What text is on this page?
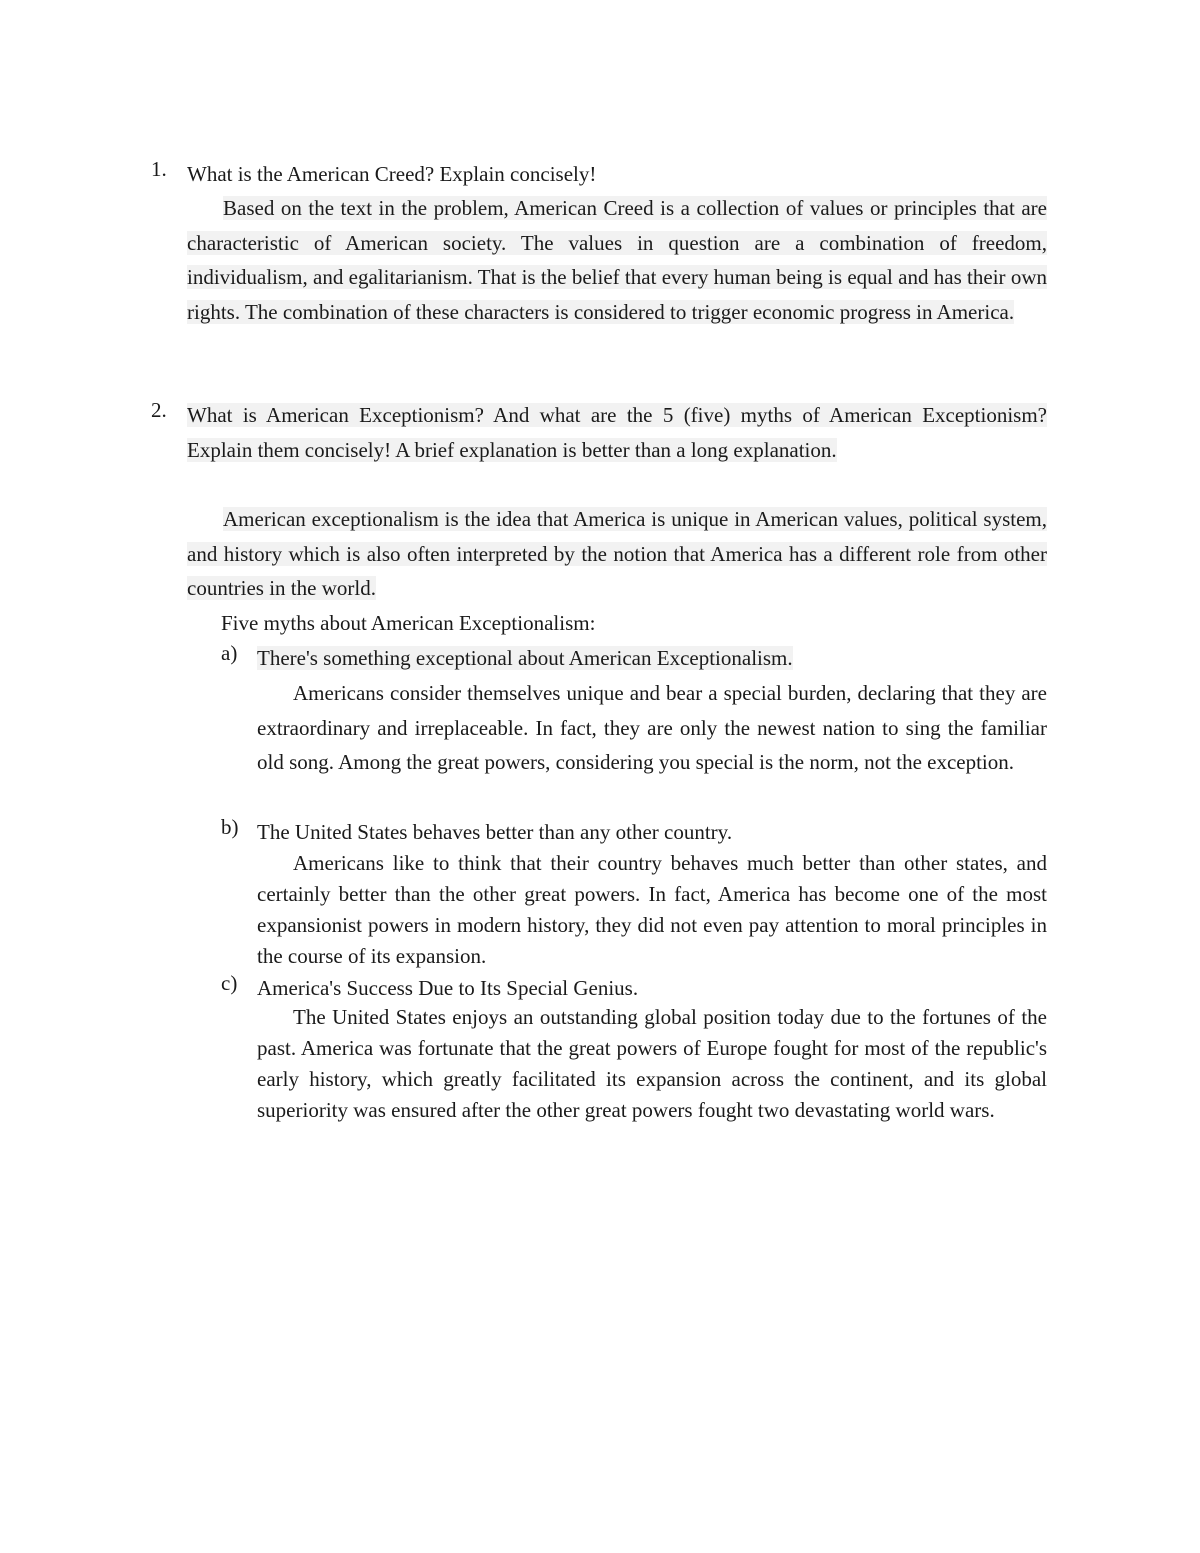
1. What is the American Creed? Explain concisely!

Based on the text in the problem, American Creed is a collection of values or principles that are characteristic of American society. The values in question are a combination of freedom, individualism, and egalitarianism. That is the belief that every human being is equal and has their own rights. The combination of these characters is considered to trigger economic progress in America.

2. What is American Exceptionism? And what are the 5 (five) myths of American Exceptionism? Explain them concisely! A brief explanation is better than a long explanation.

American exceptionalism is the idea that America is unique in American values, political system, and history which is also often interpreted by the notion that America has a different role from other countries in the world.

Five myths about American Exceptionalism:

a) There's something exceptional about American Exceptionalism.

Americans consider themselves unique and bear a special burden, declaring that they are extraordinary and irreplaceable. In fact, they are only the newest nation to sing the familiar old song. Among the great powers, considering you special is the norm, not the exception.

b) The United States behaves better than any other country.

Americans like to think that their country behaves much better than other states, and certainly better than the other great powers. In fact, America has become one of the most expansionist powers in modern history, they did not even pay attention to moral principles in the course of its expansion.

c) America's Success Due to Its Special Genius.

The United States enjoys an outstanding global position today due to the fortunes of the past. America was fortunate that the great powers of Europe fought for most of the republic's early history, which greatly facilitated its expansion across the continent, and its global superiority was ensured after the other great powers fought two devastating world wars.
